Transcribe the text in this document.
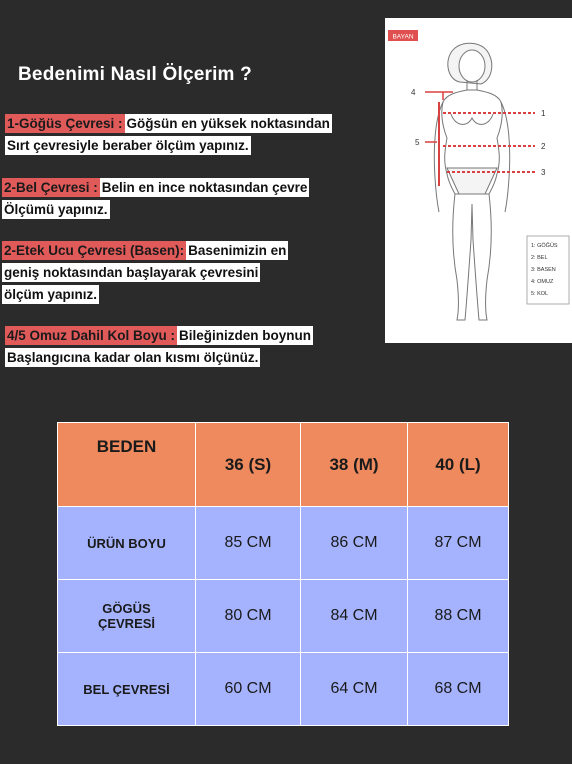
Bedenimi Nasıl Ölçerim ?
1-Göğüs Çevresi : Göğsün en yüksek noktasından
Sırt çevresiyle beraber ölçüm yapınız.
2-Bel Çevresi : Belin en ince noktasından çevre
Ölçümü yapınız.
2-Etek Ucu Çevresi (Basen): Basenimizin en
geniş noktasından başlayarak çevresini
ölçüm yapınız.
4/5 Omuz Dahil Kol Boyu : Bileğinizden boynun
Başlangıcına kadar olan kısmı ölçünüz.
BAYAN
4
5
1
2
3
1: GÖĞÜS
2: BEL
3: BASEN
4: OMUZ
5: KOL
BEDEN	36 (S)	38 (M)	40 (L)
ÜRÜN BOYU	85 CM	86 CM	87 CM
GÖGÜS ÇEVRESİ	80 CM	84 CM	88 CM
BEL ÇEVRESİ	60 CM	64 CM	68 CM
